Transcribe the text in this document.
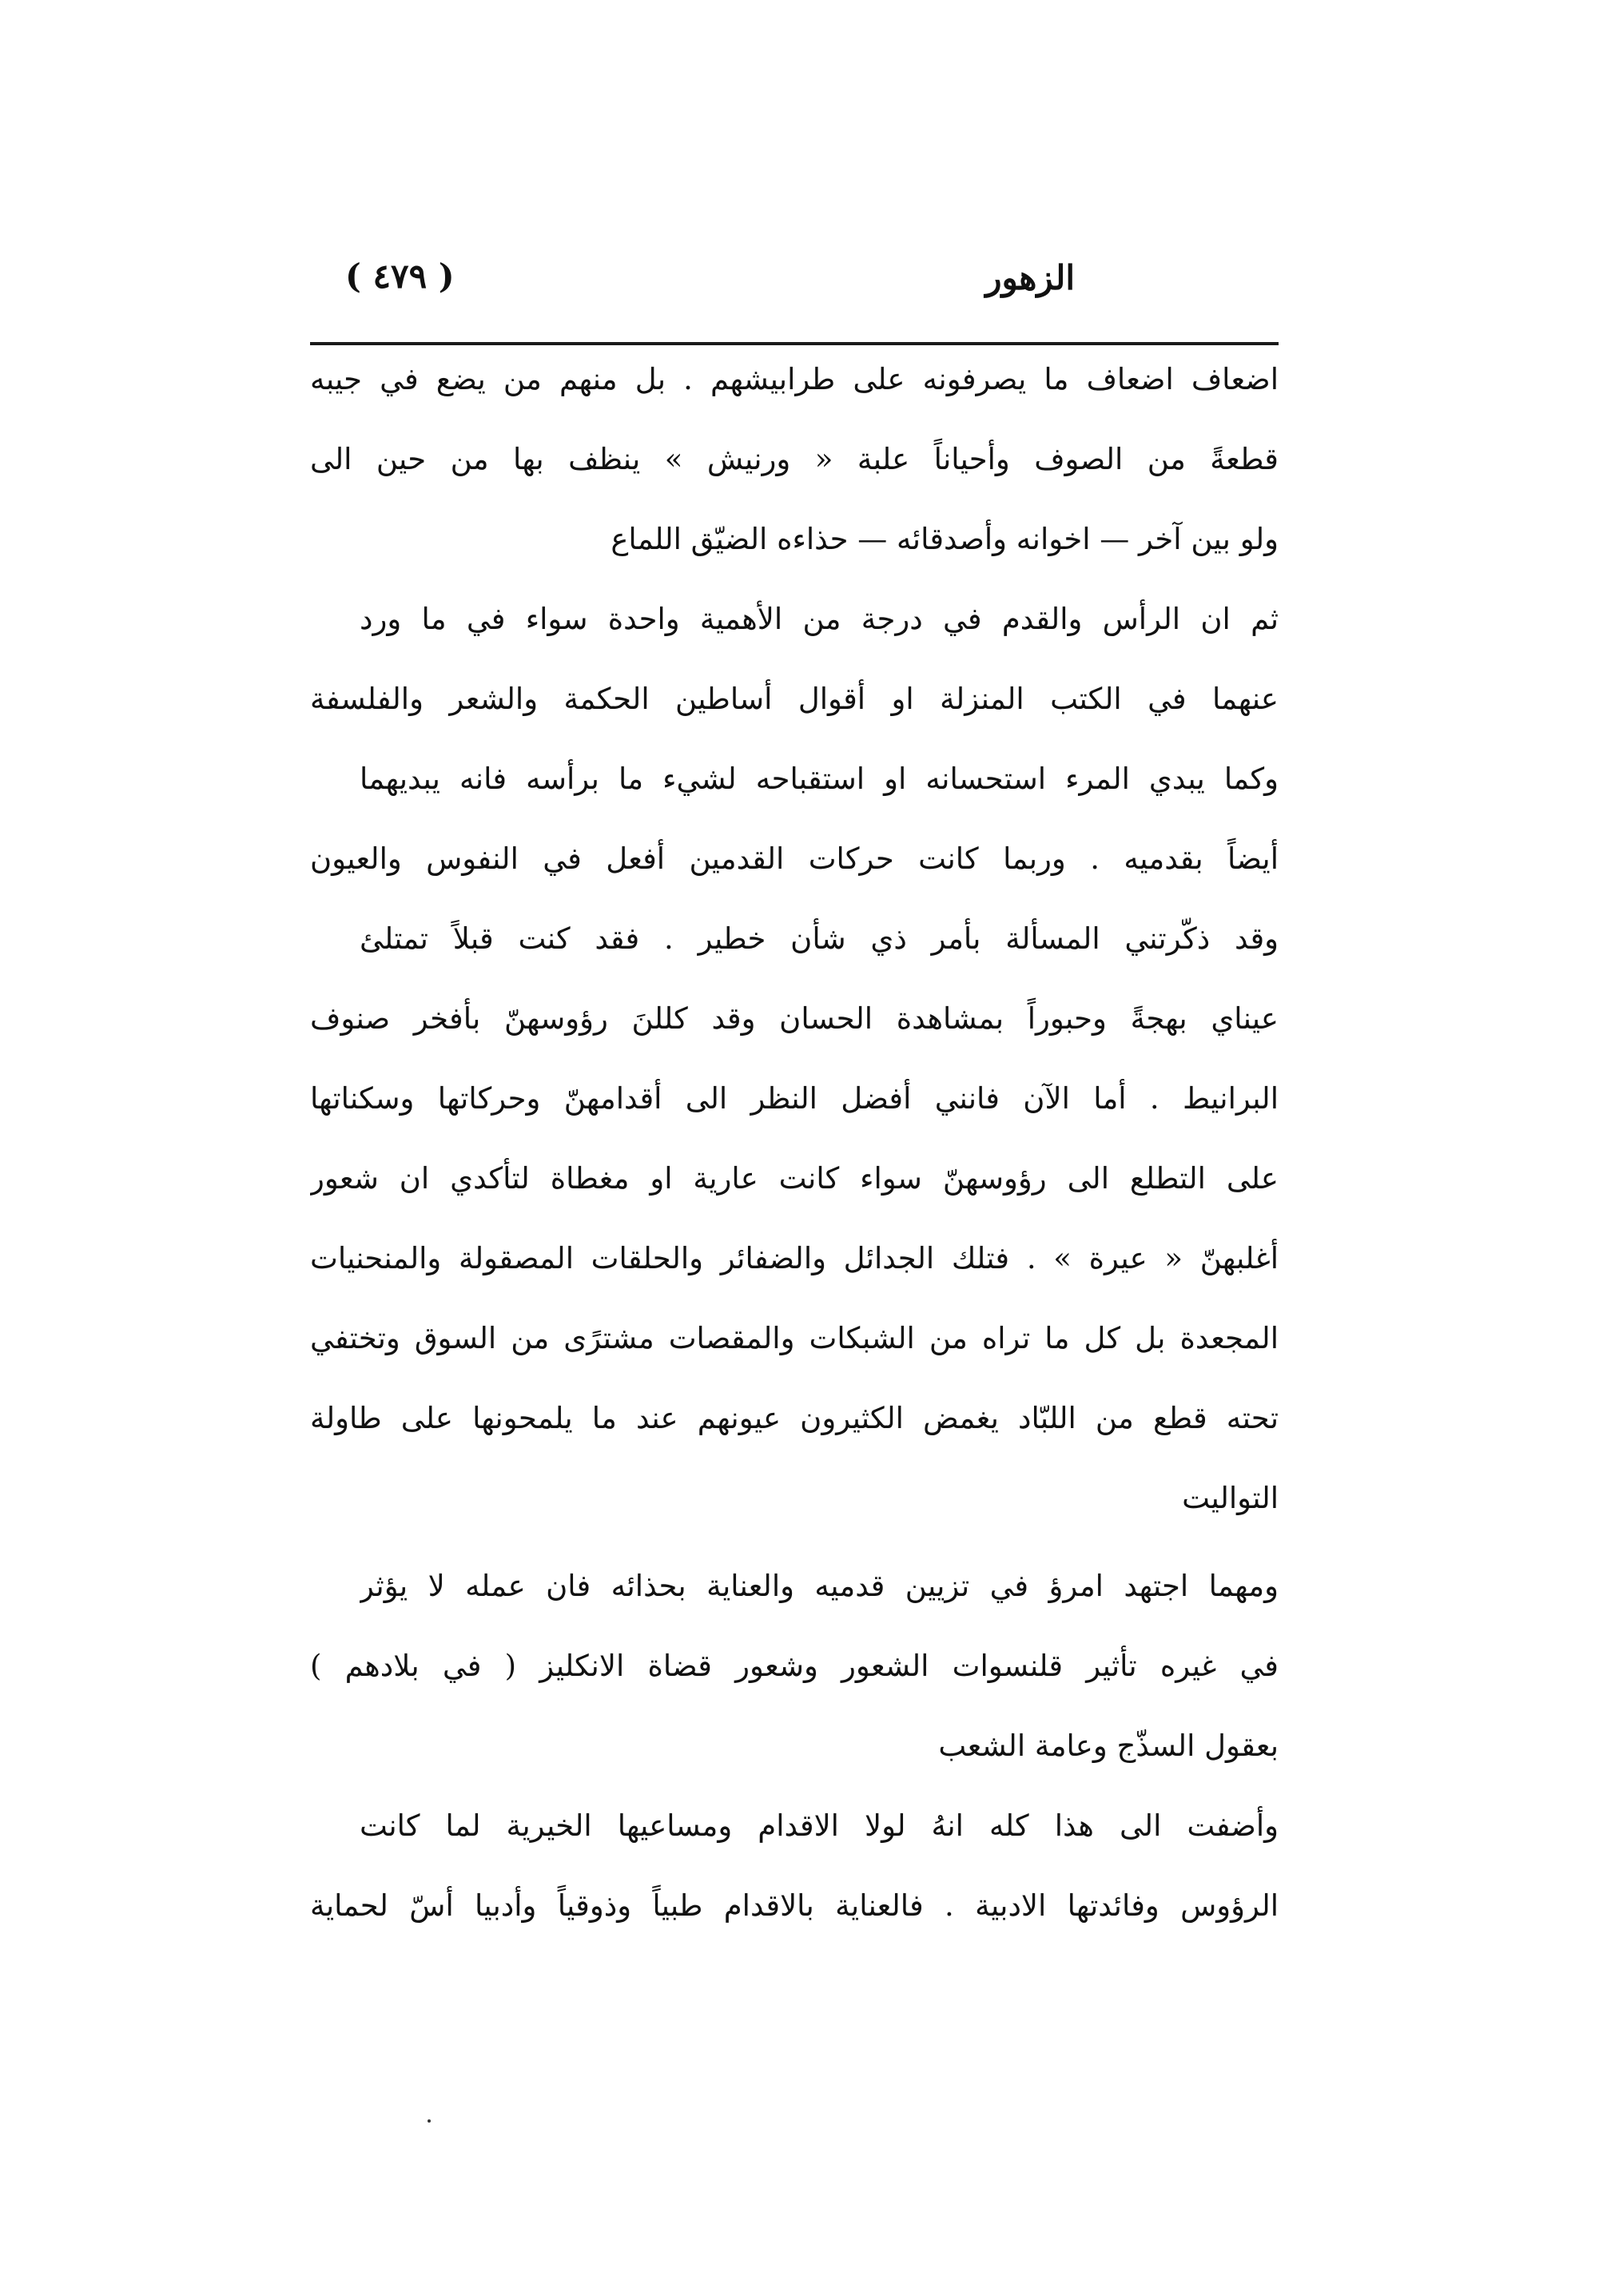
الزهور
( ٤٧٩ )
اضعاف اضعاف ما يصرفونه على طرابيشهم . بل منهم من يضع في جيبه
قطعةً من الصوف وأحياناً علبة « ورنيش » ينظف بها من حين الى
ولو بين آخر — اخوانه وأصدقائه — حذاءه الضيّق اللماع
ثم ان الرأس والقدم في درجة من الأهمية واحدة سواء في ما ورد
عنهما في الكتب المنزلة او أقوال أساطين الحكمة والشعر والفلسفة
وكما يبدي المرء استحسانه او استقباحه لشيء ما برأسه فانه يبديهما
أيضاً بقدميه . وربما كانت حركات القدمين أفعل في النفوس والعيون
وقد ذكّرتني المسألة بأمر ذي شأن خطير . فقد كنت قبلاً تمتلئ
عيناي بهجةً وحبوراً بمشاهدة الحسان وقد كللنَ رؤوسهنّ بأفخر صنوف
البرانيط . أما الآن فانني أفضل النظر الى أقدامهنّ وحركاتها وسكناتها
على التطلع الى رؤوسهنّ سواء كانت عارية او مغطاة لتأكدي ان شعور
أغلبهنّ « عيرة » . فتلك الجدائل والضفائر والحلقات المصقولة والمنحنيات
المجعدة بل كل ما تراه من الشبكات والمقصات مشترًى من السوق وتختفي
تحته قطع من اللبّاد يغمض الكثيرون عيونهم عند ما يلمحونها على طاولة
التواليت
ومهما اجتهد امرؤ في تزيين قدميه والعناية بحذائه فان عمله لا يؤثر
في غيره تأثير قلنسوات الشعور وشعور قضاة الانكليز ( في بلادهم )
بعقول السذّج وعامة الشعب
وأضفت الى هذا كله انهُ لولا الاقدام ومساعيها الخيرية لما كانت
الرؤوس وفائدتها الادبية . فالعناية بالاقدام طبياً وذوقياً وأدبيا أسّ لحماية
